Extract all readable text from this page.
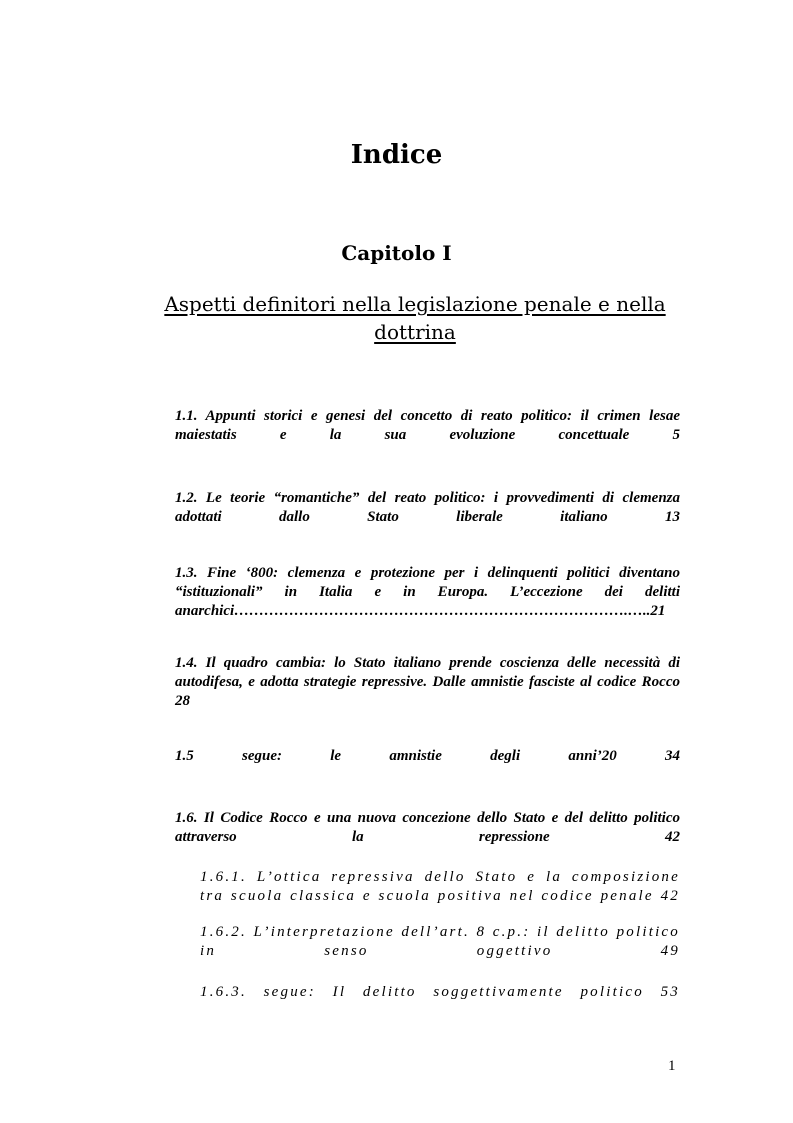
Indice
Capitolo I
Aspetti definitori nella legislazione penale e nella dottrina
1.1. Appunti storici e genesi del concetto di reato politico: il crimen lesae maiestatis e la sua evoluzione concettuale	5
1.2. Le teorie “romantiche” del reato politico: i provvedimenti di clemenza adottati dallo Stato liberale italiano	13
1.3. Fine ‘800: clemenza e protezione per i delinquenti politici diventano “istituzionali” in Italia e in Europa. L’eccezione dei delitti anarchici…………………………………………………………………….…..21
1.4. Il quadro cambia: lo Stato italiano prende coscienza delle necessità di autodifesa, e adotta strategie repressive. Dalle amnistie fasciste al codice Rocco 28
1.5 segue: le amnistie degli anni’20	34
1.6. Il Codice Rocco e una nuova concezione dello Stato e del delitto politico attraverso la repressione	42
1.6.1. L’ottica repressiva dello Stato e la composizione tra scuola classica e scuola positiva nel codice penale 42
1.6.2. L’interpretazione dell’art. 8 c.p.: il delitto politico in senso oggettivo	49
1.6.3. segue: Il delitto soggettivamente politico 53
1
